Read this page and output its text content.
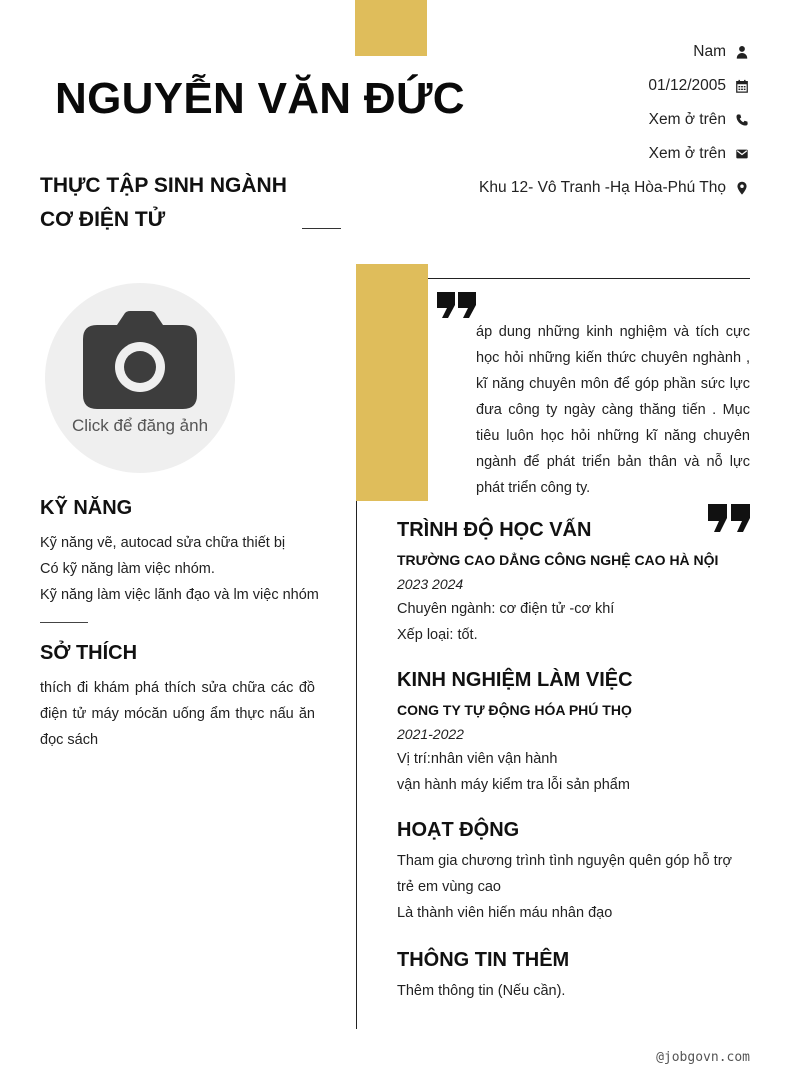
NGUYỄN VĂN ĐỨC
THỰC TẬP SINH NGÀNH
CƠ ĐIỆN TỬ
Nam
01/12/2005
Xem ở trên
Xem ở trên
Khu 12- Vô Tranh -Hạ Hòa-Phú Thọ
Click để đăng ảnh
KỸ NĂNG
Kỹ năng vẽ, autocad sửa chữa thiết bị
Có kỹ năng làm việc nhóm.
Kỹ năng làm việc lãnh đạo và lm việc nhóm
SỞ THÍCH
thích đi khám phá thích sửa chữa các đồ điện tử máy mócăn uống ẩm thực nấu ăn đọc sách
áp dung những kinh nghiệm và tích cực học hỏi những kiến thức chuyên nghành , kĩ năng chuyên môn để góp phần sức lực đưa công ty ngày càng thăng tiến . Mục tiêu luôn học hỏi những kĩ năng chuyên ngành để phát triển bản thân và nỗ lực phát triển công ty.
TRÌNH ĐỘ HỌC VẤN
TRƯỜNG CAO DẲNG CÔNG NGHỆ CAO HÀ NỘI
2023 2024
Chuyên ngành: cơ điện tử -cơ khí
Xếp loại: tốt.
KINH NGHIỆM LÀM VIỆC
CONG TY TỰ ĐỘNG HÓA PHÚ THỌ
2021-2022
Vị trí:nhân viên vận hành
vận hành máy kiểm tra lỗi sản phẩm
HOẠT ĐỘNG
Tham gia chương trình tình nguyện quên góp hỗ trợ trẻ em vùng cao
Là thành viên hiến máu nhân đạo
THÔNG TIN THÊM
Thêm thông tin (Nếu cần).
@jobgovn.com
